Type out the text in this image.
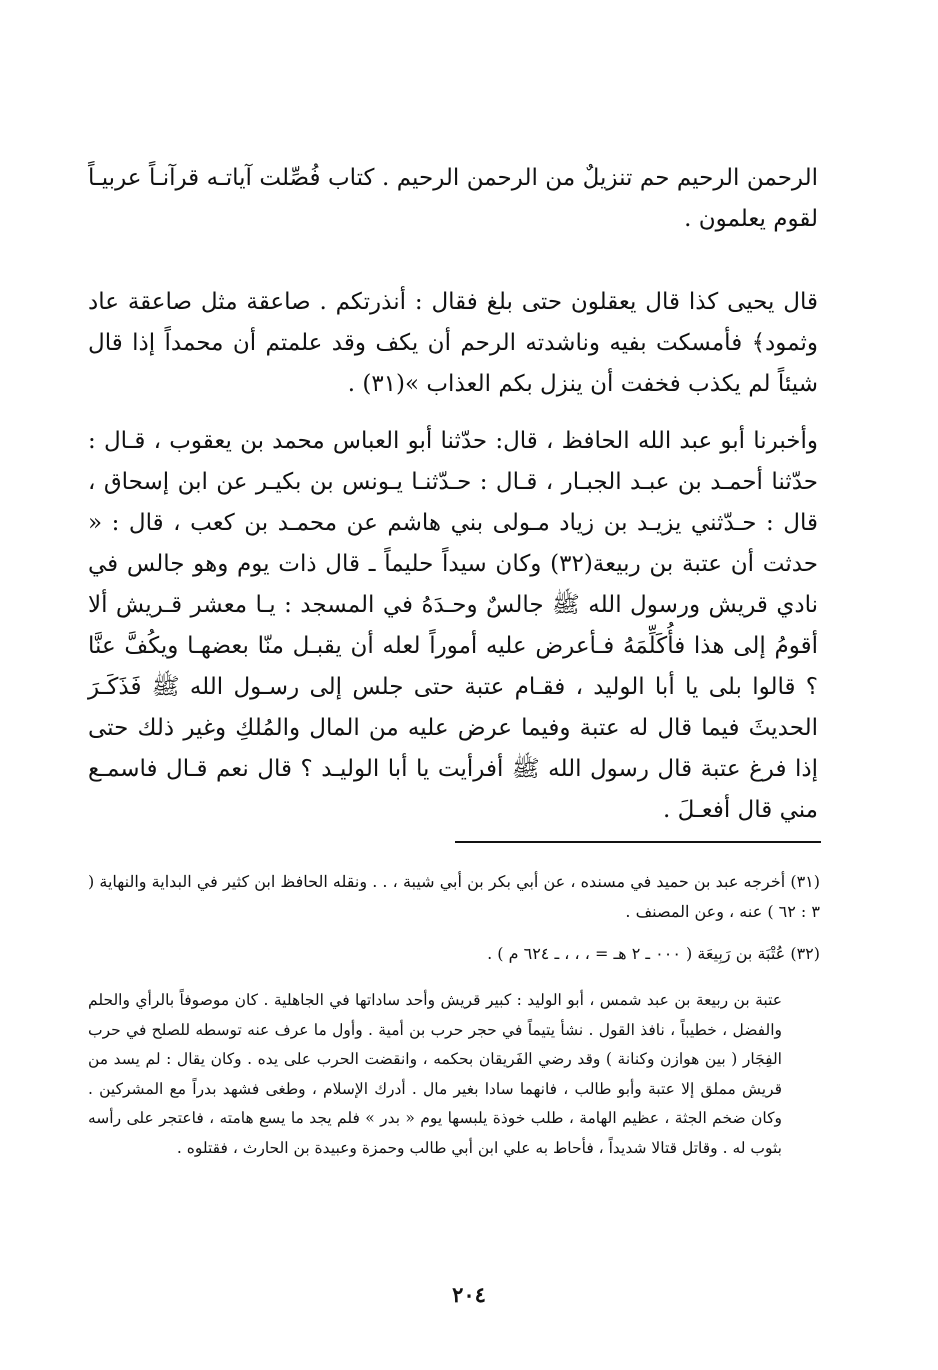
الرحمن الرحيم حم تنزيلٌ من الرحمن الرحيم . كتاب فُصِّلت آياتـه قرآنـاً عربيـاً لقوم يعلمون .

قال يحيى كذا قال يعقلون حتى بلغ فقال : أنذرتكم . صاعقة مثل صاعقة عاد وثمود﴾ فأمسكت بفيه وناشدته الرحم أن يكف وقد علمتم أن محمداً إذا قال شيئاً لم يكذب فخفت أن ينزل بكم العذاب »(٣١) .

وأخبرنا أبو عبد الله الحافظ ، قال: حدّثنا أبو العباس محمد بن يعقوب ، قـال : حدّثنا أحمـد بن عبـد الجبـار ، قـال : حـدّثنـا يـونس بن بكيـر عن ابن إسحاق ، قال : حـدّثني يزيـد بن زياد مـولى بني هاشم عن محمـد بن كعب ، قال : « حدثت أن عتبة بن ربيعة(٣٢) وكان سيداً حليماً ـ قال ذات يوم وهو جالس في نادي قريش ورسول الله ﷺ جالسٌ وحـدَهُ في المسجد : يـا معشر قـريش ألا أقومُ إلى هذا فأُكَلِّمَهُ فـأعرض عليه أموراً لعله أن يقبـل منّا بعضهـا ويكُفَّ عنَّا ؟ قالوا بلى يا أبا الوليد ، فقـام عتبة حتى جلس إلى رسـول الله ﷺ فَذَكَـرَ الحديثَ فيما قال له عتبة وفيما عرض عليه من المال والمُلكِ وغير ذلك حتى إذا فرغ عتبة قال رسول الله ﷺ أفرأيت يا أبا الوليـد ؟ قال نعم قـال فاسمـع مني قال أفعـلَ .

(٣١) أخرجه عبد بن حميد في مسنده ، عن أبي بكر بن أبي شيبة ، . . ونقله الحافظ ابن كثير في البداية والنهاية ( ٣ : ٦٢ ) عنه ، وعن المصنف .

(٣٢) عُتْبَة بن رَبِيعَة ( ٠٠٠ ـ ٢ هـ = ، ، ، ـ ٦٢٤ م ) .

عتبة بن ربيعة بن عبد شمس ، أبو الوليد : كبير قريش وأحد ساداتها في الجاهلية . كان موصوفاً بالرأي والحلم والفضل ، خطيباً ، نافذ القول . نشأ يتيماً في حجر حرب بن أمية . وأول ما عرف عنه توسطه للصلح في حرب الفِجَار ( بين هوازن وكنانة ) وقد رضي الفَريقان بحكمه ، وانقضت الحرب على يده . وكان يقال : لم يسد من قريش مملق إلا عتبة وأبو طالب ، فانهما سادا بغير مال . أدرك الإسلام ، وطغى فشهد بدراً مع المشركين . وكان ضخم الجثة ، عظيم الهامة ، طلب خوذة يلبسها يوم « بدر » فلم يجد ما يسع هامته ، فاعتجر على رأسه بثوب له . وقاتل قتالا شديداً ، فأحاط به علي ابن أبي طالب وحمزة وعبيدة بن الحارث ، فقتلوه .

٢٠٤
